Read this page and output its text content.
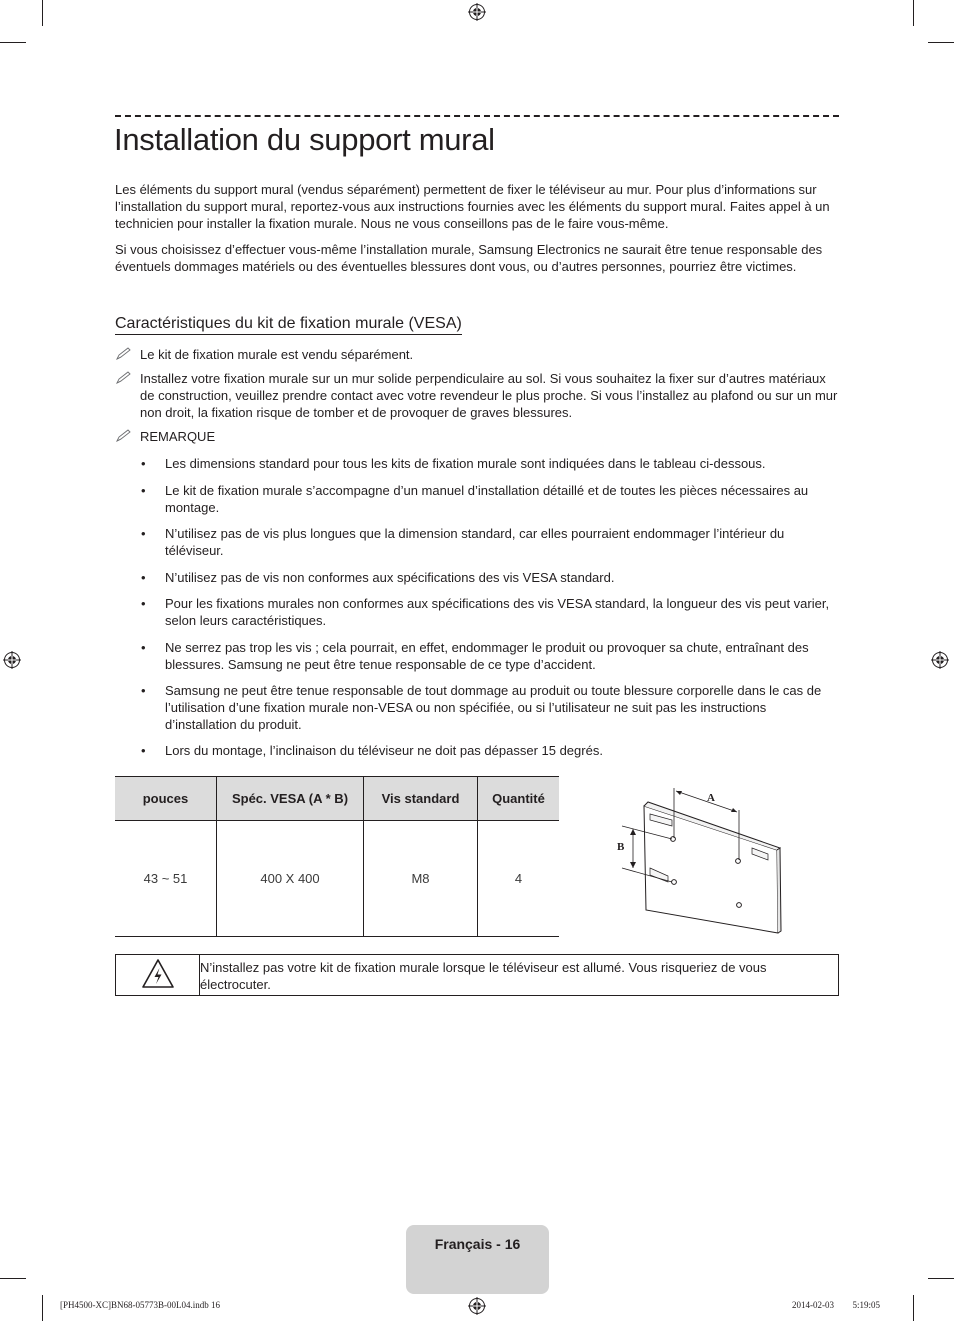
Installation du support mural

Les éléments du support mural (vendus séparément) permettent de fixer le téléviseur au mur. Pour plus d’informations sur l’installation du support mural, reportez-vous aux instructions fournies avec les éléments du support mural. Faites appel à un technicien pour installer la fixation murale. Nous ne vous conseillons pas de le faire vous-même.

Si vous choisissez d’effectuer vous-même l’installation murale, Samsung Electronics ne saurait être tenue responsable des éventuels dommages matériels ou des éventuelles blessures dont vous, ou d’autres personnes, pourriez être victimes.

Caractéristiques du kit de fixation murale (VESA)
Le kit de fixation murale est vendu séparément.
Installez votre fixation murale sur un mur solide perpendiculaire au sol. Si vous souhaitez la fixer sur d’autres matériaux de construction, veuillez prendre contact avec votre revendeur le plus proche. Si vous l’installez au plafond ou sur un mur non droit, la fixation risque de tomber et de provoquer de graves blessures.
REMARQUE
• Les dimensions standard pour tous les kits de fixation murale sont indiquées dans le tableau ci-dessous.
• Le kit de fixation murale s’accompagne d’un manuel d’installation détaillé et de toutes les pièces nécessaires au montage.
• N’utilisez pas de vis plus longues que la dimension standard, car elles pourraient endommager l’intérieur du téléviseur.
• N’utilisez pas de vis non conformes aux spécifications des vis VESA standard.
• Pour les fixations murales non conformes aux spécifications des vis VESA standard, la longueur des vis peut varier, selon leurs caractéristiques.
• Ne serrez pas trop les vis ; cela pourrait, en effet, endommager le produit ou provoquer sa chute, entraînant des blessures. Samsung ne peut être tenue responsable de ce type d’accident.
• Samsung ne peut être tenue responsable de tout dommage au produit ou toute blessure corporelle dans le cas de l’utilisation d’une fixation murale non-VESA ou non spécifiée, ou si l’utilisateur ne suit pas les instructions d’installation du produit.
• Lors du montage, l’inclinaison du téléviseur ne doit pas dépasser 15 degrés.
pouces	Spéc. VESA (A * B)	Vis standard	Quantité
43 ~ 51	400 X 400	M8	4
A
B
N’installez pas votre kit de fixation murale lorsque le téléviseur est allumé. Vous risqueriez de vous électrocuter.
Français - 16

[PH4500-XC]BN68-05773B-00L04.indb 16	2014-02-03 ￿￿ 5:19:05
